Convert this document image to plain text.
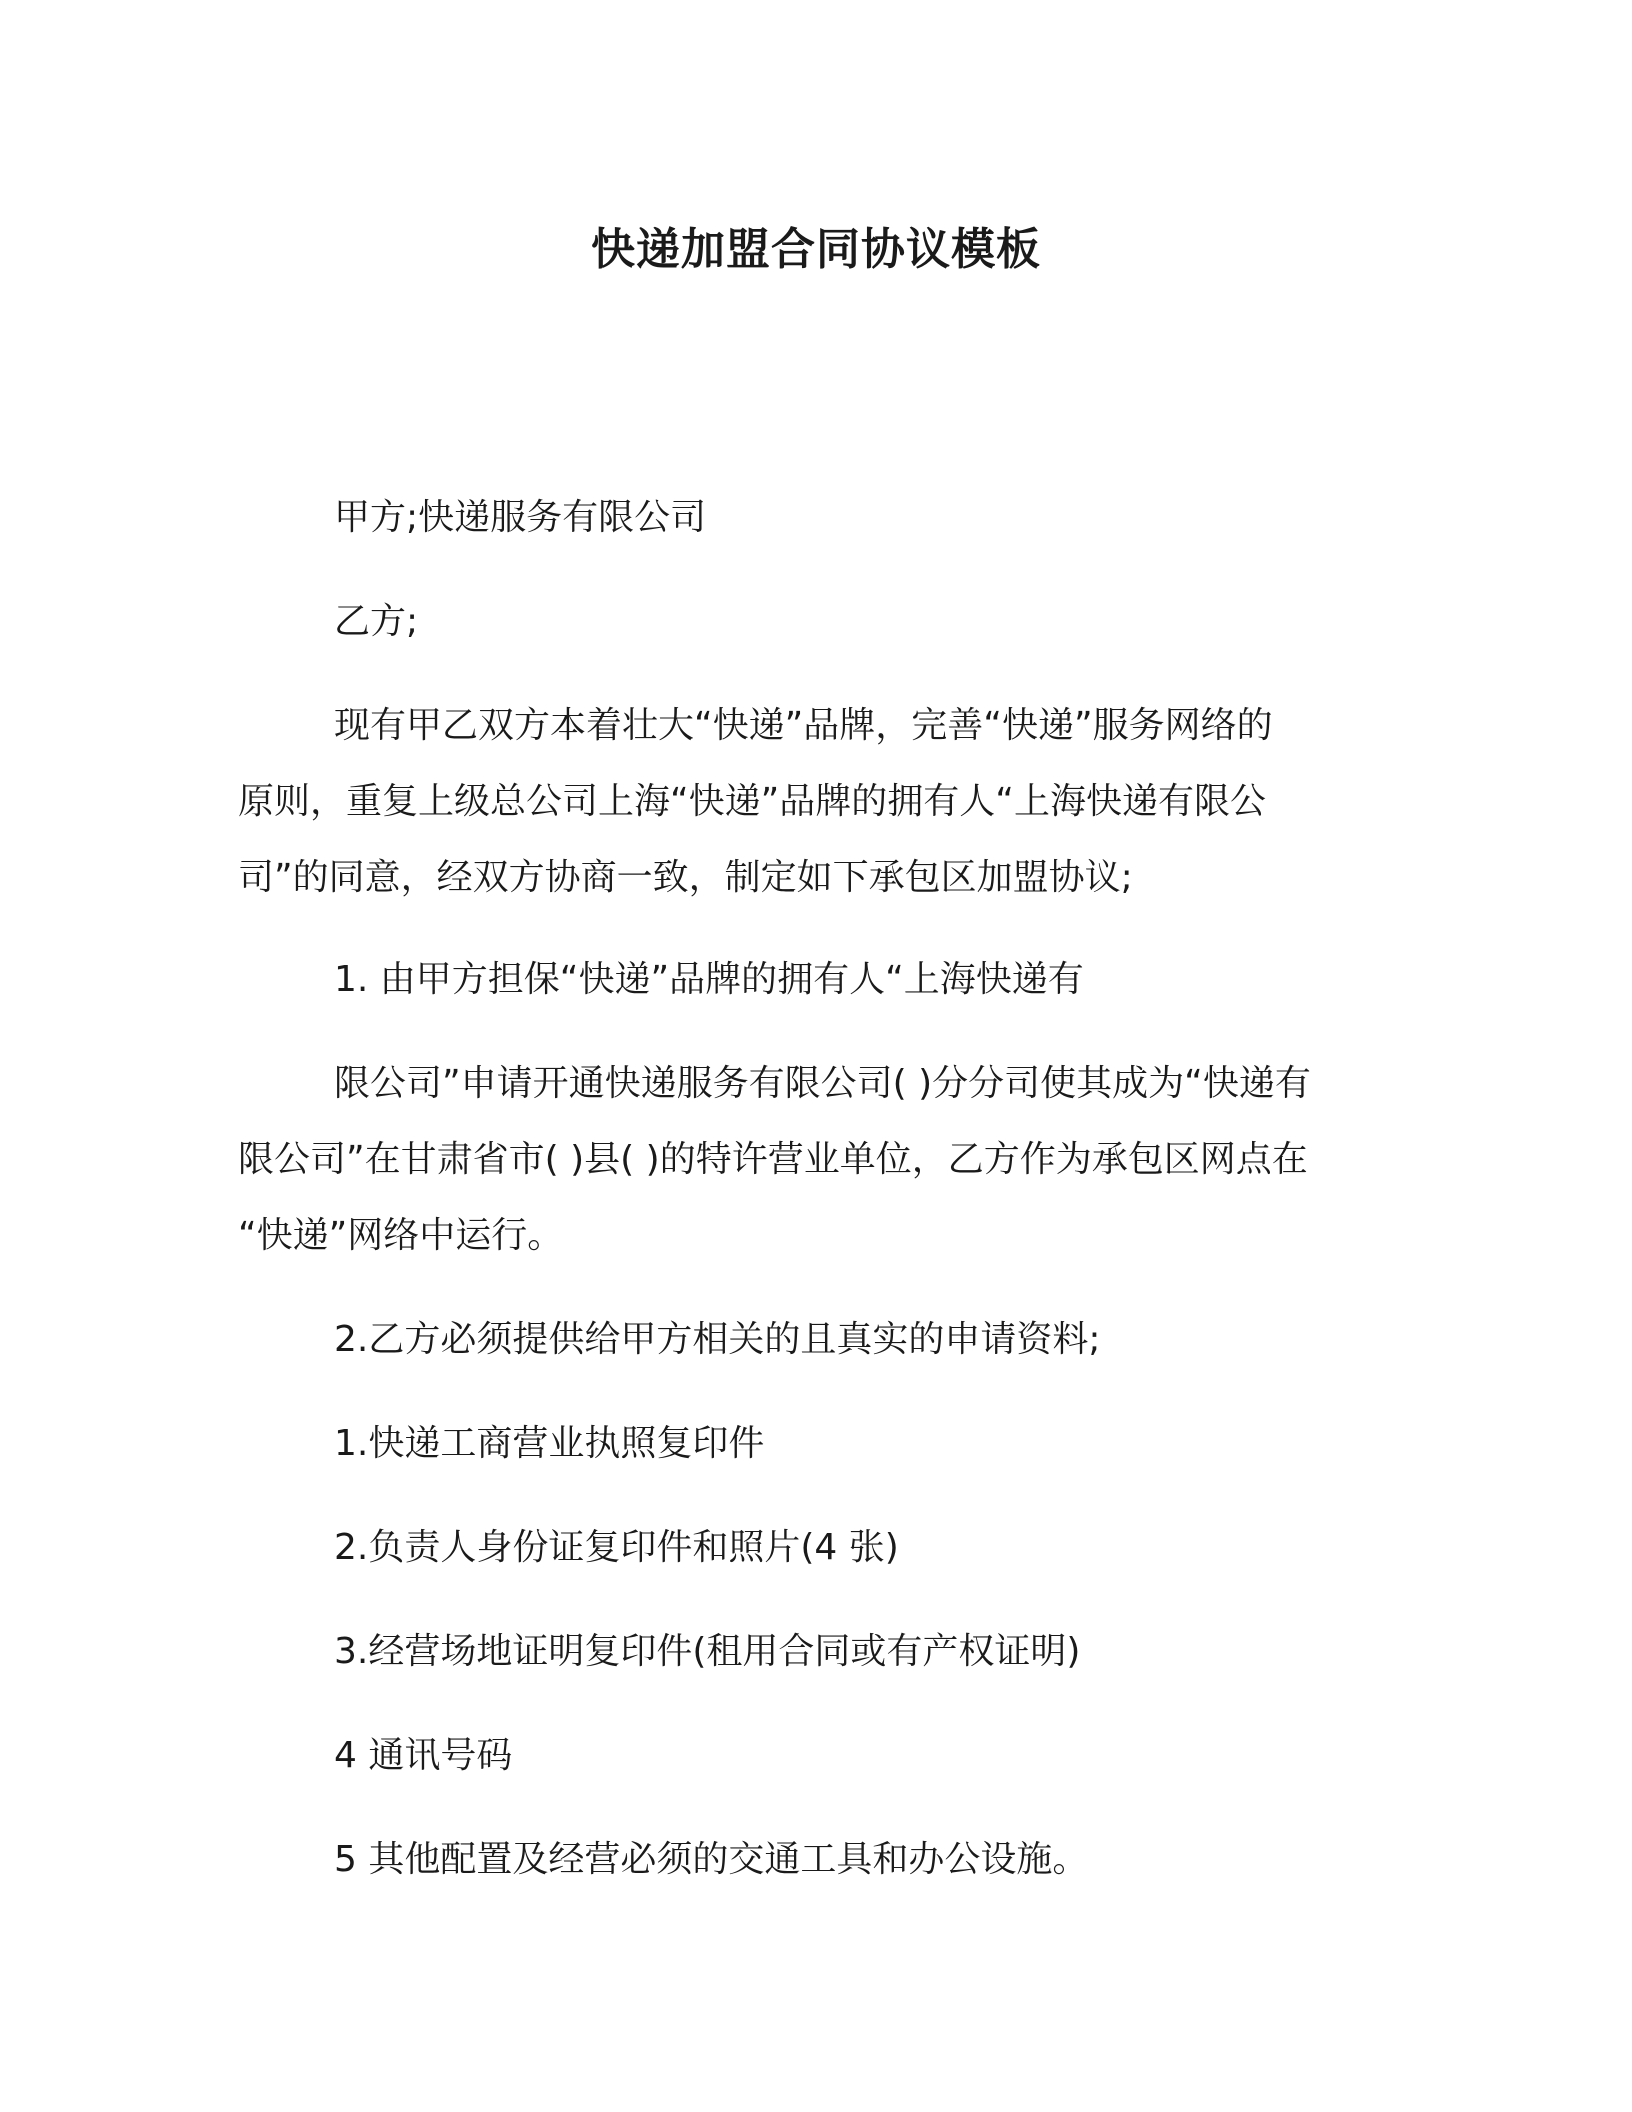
快递加盟合同协议模板
甲方;快递服务有限公司
乙方;
现有甲乙双方本着壮大“快递”品牌，完善“快递”服务网络的
原则，重复上级总公司上海“快递”品牌的拥有人“上海快递有限公
司”的同意，经双方协商一致，制定如下承包区加盟协议;
1. 由甲方担保“快递”品牌的拥有人“上海快递有
限公司”申请开通快递服务有限公司( )分分司使其成为“快递有
限公司”在甘肃省市( )县( )的特许营业单位，乙方作为承包区网点在
“快递”网络中运行。
2.乙方必须提供给甲方相关的且真实的申请资料;
1.快递工商营业执照复印件
2.负责人身份证复印件和照片(4 张)
3.经营场地证明复印件(租用合同或有产权证明)
4 通讯号码
5 其他配置及经营必须的交通工具和办公设施。
